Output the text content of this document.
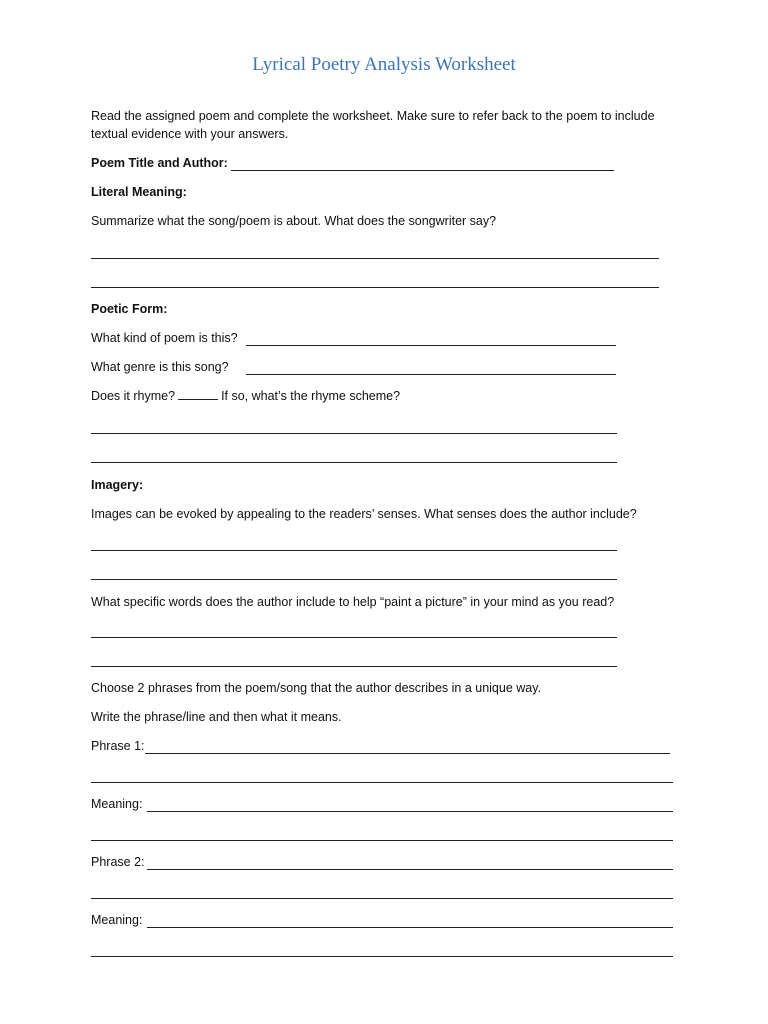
Lyrical Poetry Analysis Worksheet
Read the assigned poem and complete the worksheet. Make sure to refer back to the poem to include
textual evidence with your answers.
Poem Title and Author:
Literal Meaning:
Summarize what the song/poem is about. What does the songwriter say?
Poetic Form:
What kind of poem is this?
What genre is this song?
Does it rhyme?	If so, what’s the rhyme scheme?
Imagery:
Images can be evoked by appealing to the readers’ senses. What senses does the author include?
What specific words does the author include to help “paint a picture” in your mind as you read?
Choose 2 phrases from the poem/song that the author describes in a unique way.
Write the phrase/line and then what it means.
Phrase 1:
Meaning:
Phrase 2:
Meaning:
